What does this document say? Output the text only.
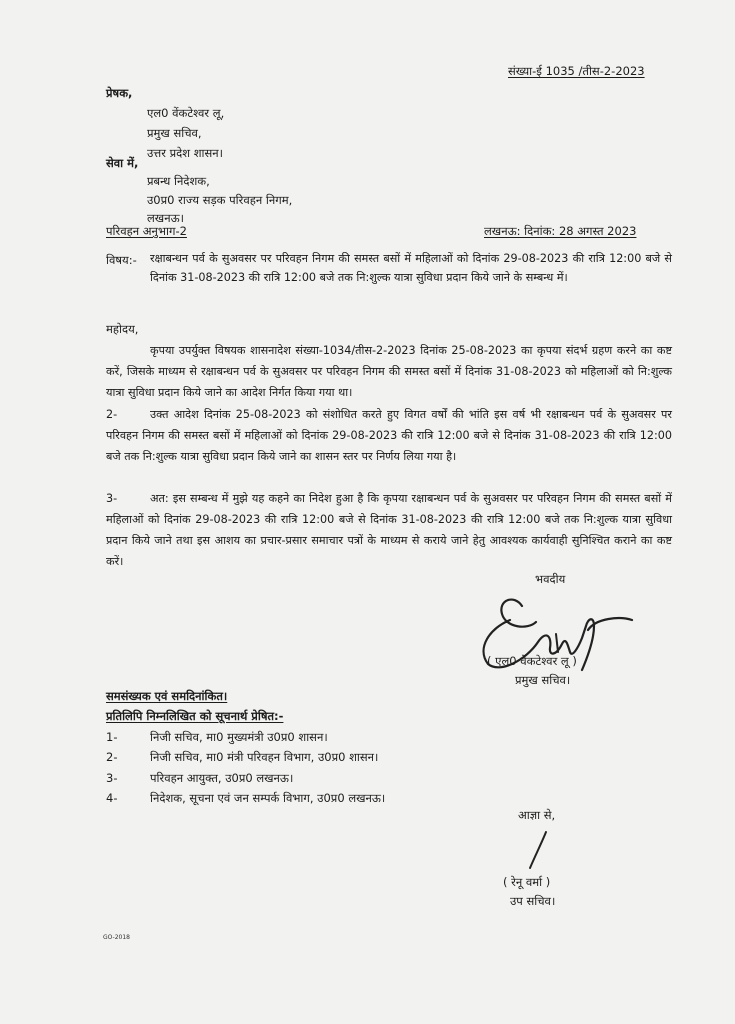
संख्या-ई 1035 /तीस-2-2023
प्रेषक,
एल0 वेंकटेश्वर लू,
प्रमुख सचिव,
उत्तर प्रदेश शासन।
सेवा में,
प्रबन्ध निदेशक,
उ0प्र0 राज्य सड़क परिवहन निगम,
लखनऊ।
परिवहन अनुभाग-2	लखनऊ: दिनांक: 28 अगस्त 2023
विषय:- रक्षाबन्धन पर्व के सुअवसर पर परिवहन निगम की समस्त बसों में महिलाओं को दिनांक 29-08-2023 की रात्रि 12:00 बजे से दिनांक 31-08-2023 की रात्रि 12:00 बजे तक नि:शुल्क यात्रा सुविधा प्रदान किये जाने के सम्बन्ध में।
महोदय,
कृपया उपर्युक्त विषयक शासनादेश संख्या-1034/तीस-2-2023 दिनांक 25-08-2023 का कृपया संदर्भ ग्रहण करने का कष्ट करें, जिसके माध्यम से रक्षाबन्धन पर्व के सुअवसर पर परिवहन निगम की समस्त बसों में दिनांक 31-08-2023 को महिलाओं को नि:शुल्क यात्रा सुविधा प्रदान किये जाने का आदेश निर्गत किया गया था।
2-	उक्त आदेश दिनांक 25-08-2023 को संशोधित करते हुए विगत वर्षों की भांति इस वर्ष भी रक्षाबन्धन पर्व के सुअवसर पर परिवहन निगम की समस्त बसों में महिलाओं को दिनांक 29-08-2023 की रात्रि 12:00 बजे से दिनांक 31-08-2023 की रात्रि 12:00 बजे तक नि:शुल्क यात्रा सुविधा प्रदान किये जाने का शासन स्तर पर निर्णय लिया गया है।
3-	अत: इस सम्बन्ध में मुझे यह कहने का निदेश हुआ है कि कृपया रक्षाबन्धन पर्व के सुअवसर पर परिवहन निगम की समस्त बसों में महिलाओं को दिनांक 29-08-2023 की रात्रि 12:00 बजे से दिनांक 31-08-2023 की रात्रि 12:00 बजे तक नि:शुल्क यात्रा सुविधा प्रदान किये जाने तथा इस आशय का प्रचार-प्रसार समाचार पत्रों के माध्यम से कराये जाने हेतु आवश्यक कार्यवाही सुनिश्चित कराने का कष्ट करें।
भवदीय
( एल0 वेंकटेश्वर लू )
प्रमुख सचिव।
समसंख्यक एवं समदिनांकित।
प्रतिलिपि निम्नलिखित को सूचनार्थ प्रेषित:-
1-	निजी सचिव, मा0 मुख्यमंत्री उ0प्र0 शासन।
2-	निजी सचिव, मा0 मंत्री परिवहन विभाग, उ0प्र0 शासन।
3-	परिवहन आयुक्त, उ0प्र0 लखनऊ।
4-	निदेशक, सूचना एवं जन सम्पर्क विभाग, उ0प्र0 लखनऊ।
आज्ञा से,
( रेनू वर्मा )
उप सचिव।
GO-2018
